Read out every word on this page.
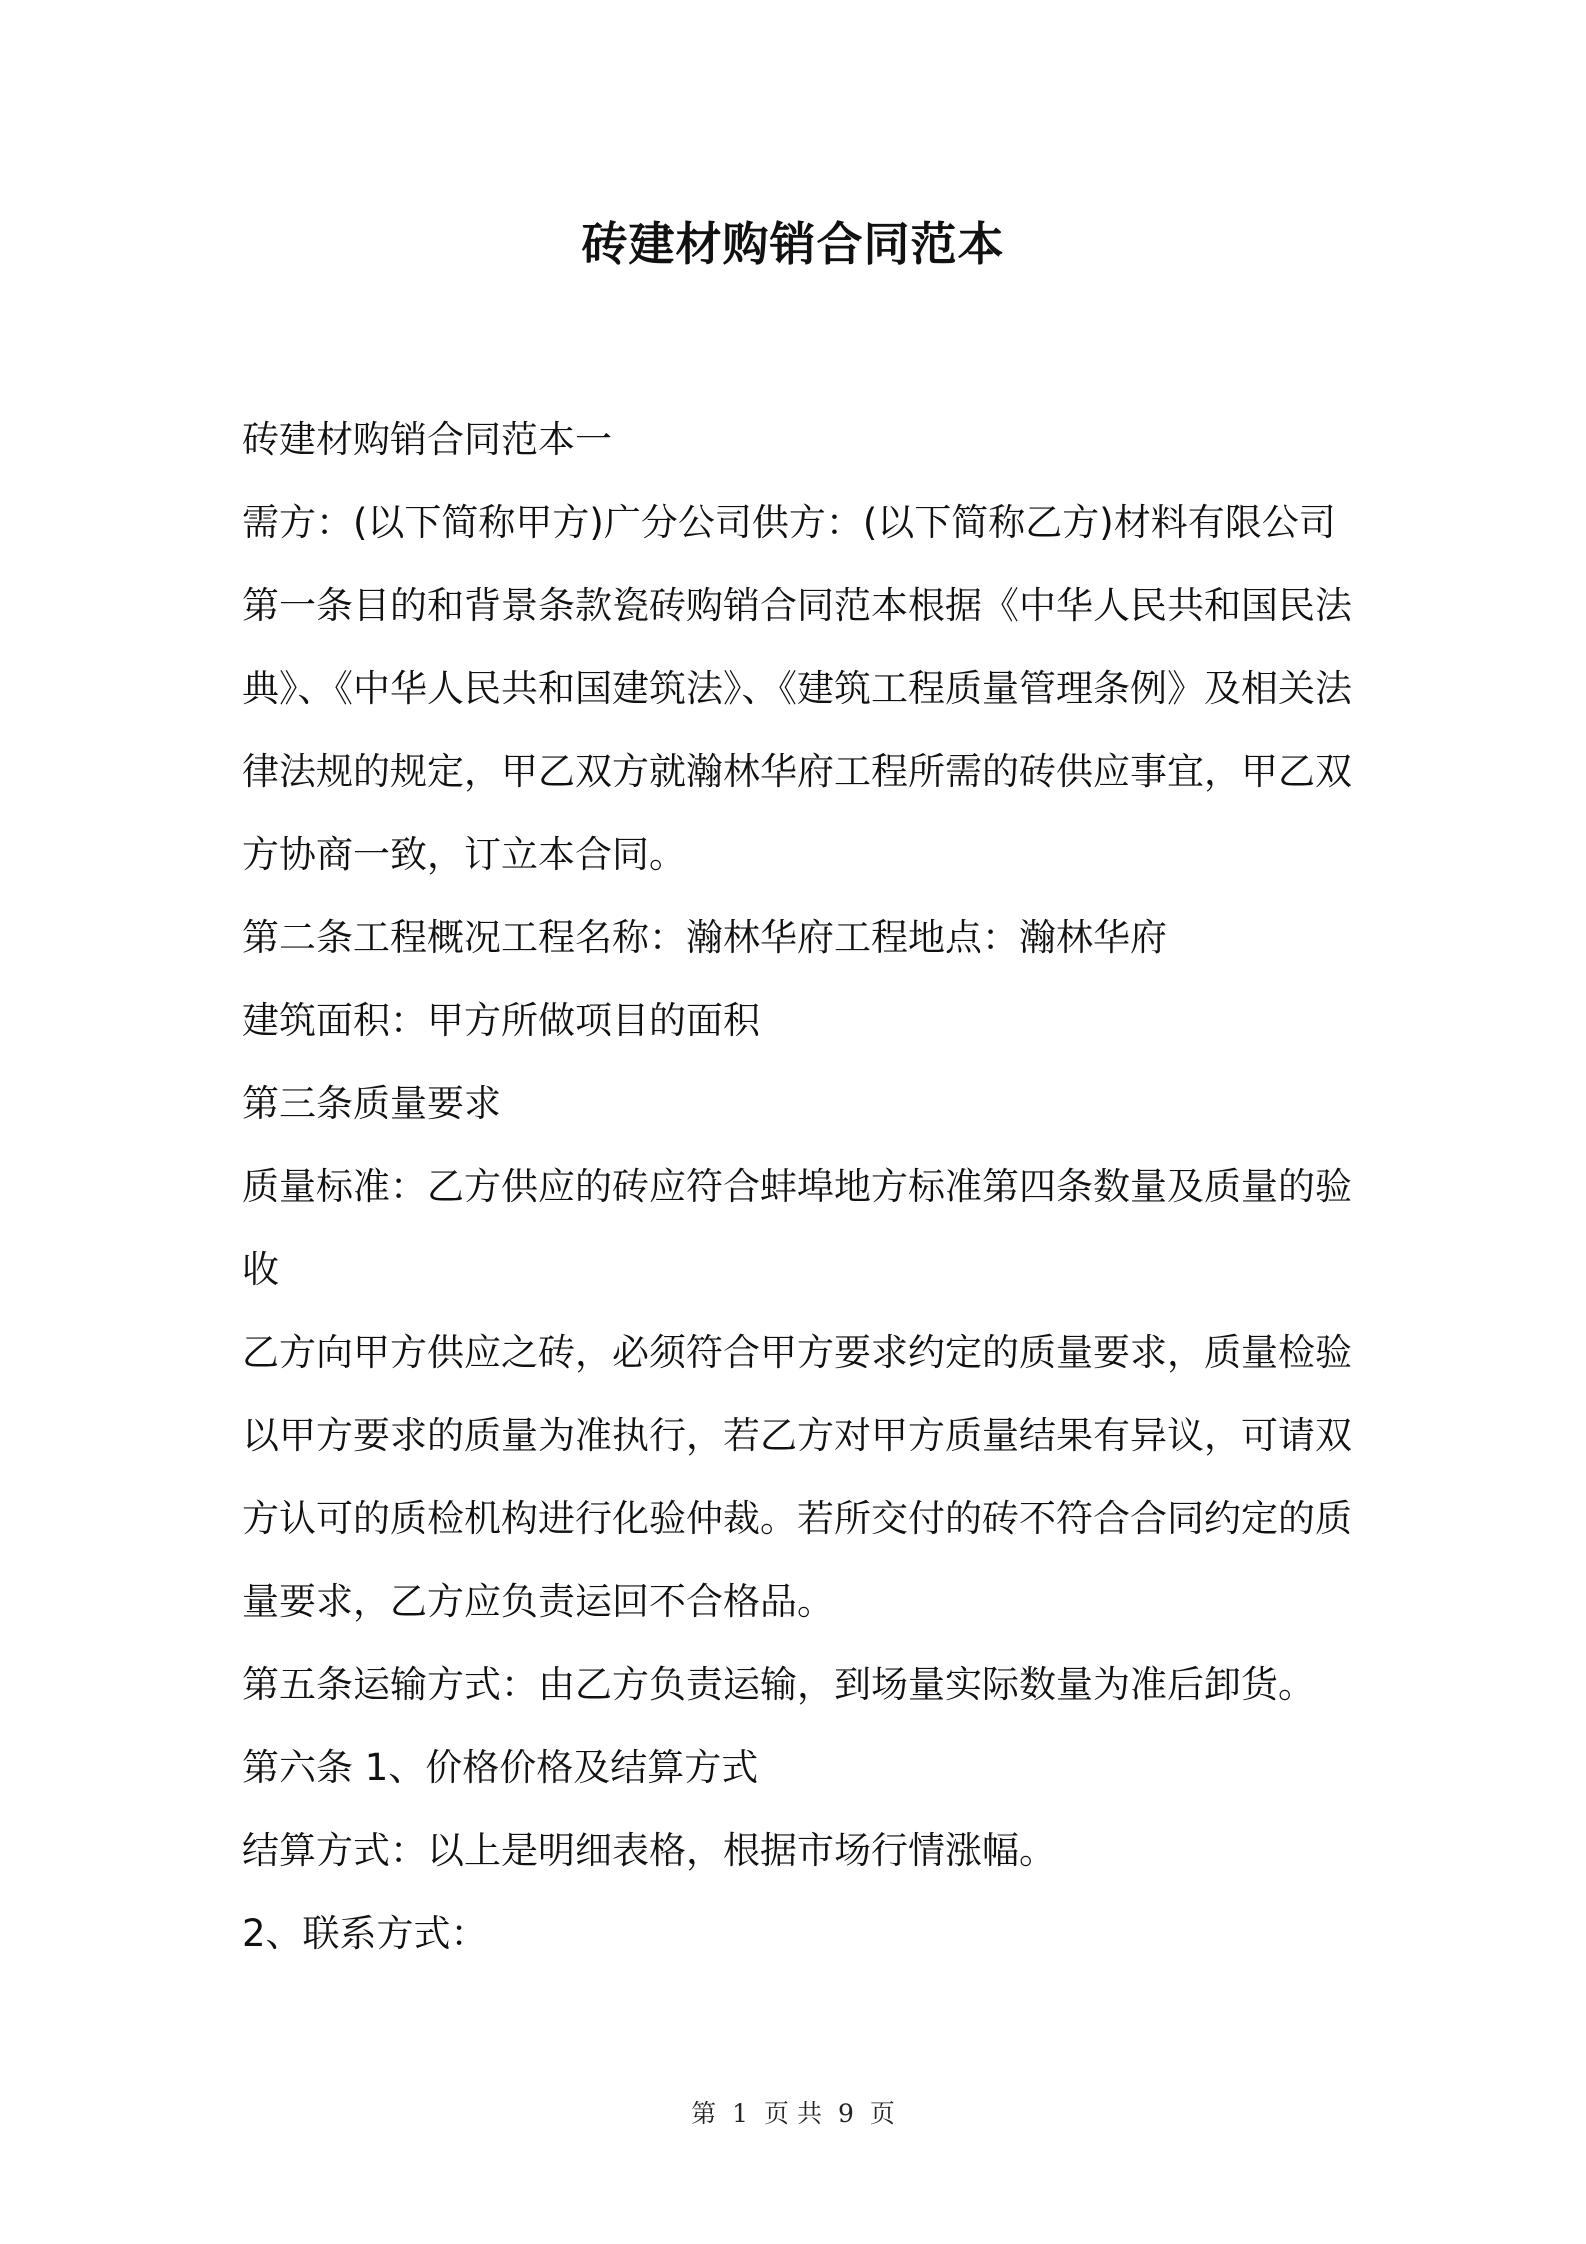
砖建材购销合同范本
砖建材购销合同范本一
需方：(以下简称甲方)广分公司供方：(以下简称乙方)材料有限公司
第一条目的和背景条款瓷砖购销合同范本根据《中华人民共和国民法
典》、《中华人民共和国建筑法》、《建筑工程质量管理条例》及相关法
律法规的规定，甲乙双方就瀚林华府工程所需的砖供应事宜，甲乙双
方协商一致，订立本合同。
第二条工程概况工程名称：瀚林华府工程地点：瀚林华府
建筑面积：甲方所做项目的面积
第三条质量要求
质量标准：乙方供应的砖应符合蚌埠地方标准第四条数量及质量的验
收
乙方向甲方供应之砖，必须符合甲方要求约定的质量要求，质量检验
以甲方要求的质量为准执行，若乙方对甲方质量结果有异议，可请双
方认可的质检机构进行化验仲裁。若所交付的砖不符合合同约定的质
量要求，乙方应负责运回不合格品。
第五条运输方式：由乙方负责运输，到场量实际数量为准后卸货。
第六条 1、价格价格及结算方式
结算方式：以上是明细表格，根据市场行情涨幅。
2、联系方式：
第 1 页 共 9 页
